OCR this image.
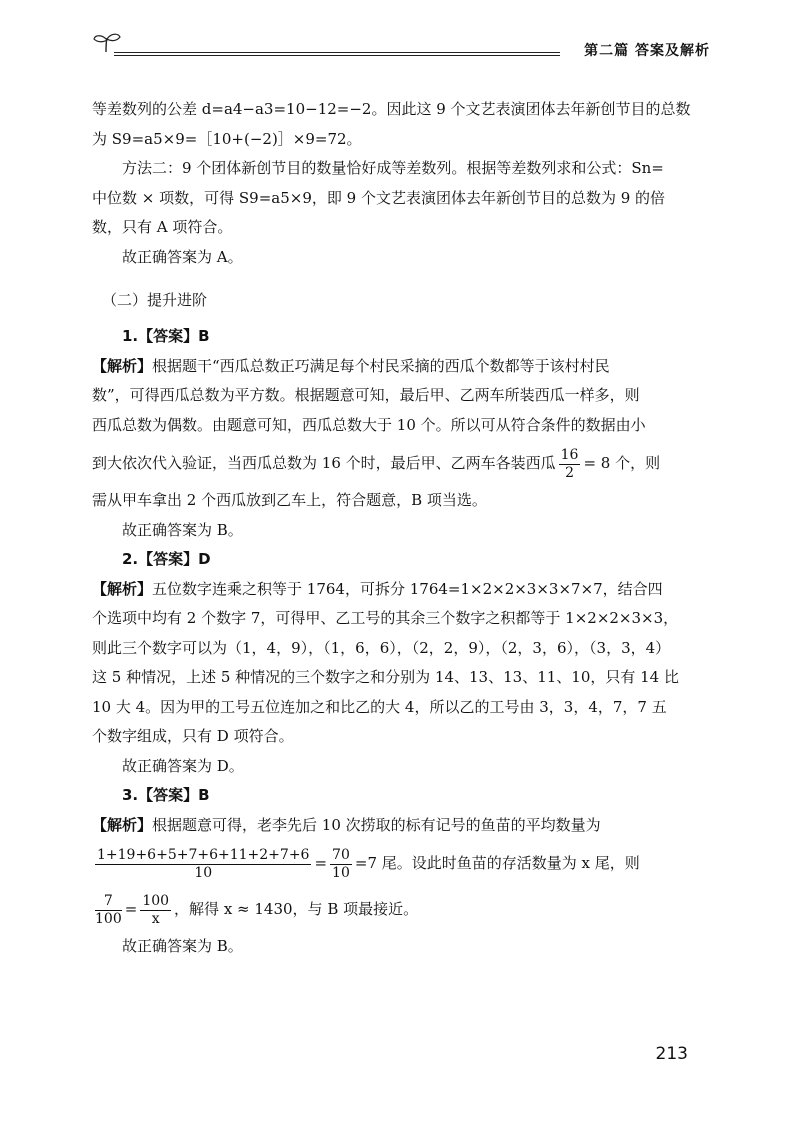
第二篇 答案及解析

等差数列的公差 d=a4−a3=10−12=−2。因此这 9 个文艺表演团体去年新创节目的总数

为 S9=a5×9=［10+(−2)］×9=72。

方法二：9 个团体新创节目的数量恰好成等差数列。根据等差数列求和公式：Sn=

中位数 × 项数，可得 S9=a5×9，即 9 个文艺表演团体去年新创节目的总数为 9 的倍

数，只有 A 项符合。

故正确答案为 A。

（二）提升进阶

1.【答案】B

【解析】根据题干“西瓜总数正巧满足每个村民采摘的西瓜个数都等于该村村民

数”，可得西瓜总数为平方数。根据题意可知，最后甲、乙两车所装西瓜一样多，则

西瓜总数为偶数。由题意可知，西瓜总数大于 10 个。所以可从符合条件的数据由小

到大依次代入验证，当西瓜总数为 16 个时，最后甲、乙两车各装西瓜 $\frac{16}{2} = 8$ 个，则

需从甲车拿出 2 个西瓜放到乙车上，符合题意，B 项当选。

故正确答案为 B。

2.【答案】D

【解析】五位数字连乘之积等于 1764，可拆分 1764=1×2×2×3×3×7×7，结合四

个选项中均有 2 个数字 7，可得甲、乙工号的其余三个数字之积都等于 1×2×2×3×3，

则此三个数字可以为（1，4，9），（1，6，6），（2，2，9），（2，3，6），（3，3，4）

这 5 种情况，上述 5 种情况的三个数字之和分别为 14、13、13、11、10，只有 14 比

10 大 4。因为甲的工号五位连加之和比乙的大 4，所以乙的工号由 3，3，4，7，7 五

个数字组成，只有 D 项符合。

故正确答案为 D。

3.【答案】B

【解析】根据题意可得，老李先后 10 次捞取的标有记号的鱼苗的平均数量为

$\frac{1+19+6+5+7+6+11+2+7+6}{10} = \frac{70}{10} =7$ 尾。设此时鱼苗的存活数量为 x 尾，则

$\frac{7}{100} = \frac{100}{x}$ ，解得 x ≈ 1430，与 B 项最接近。

故正确答案为 B。

213
